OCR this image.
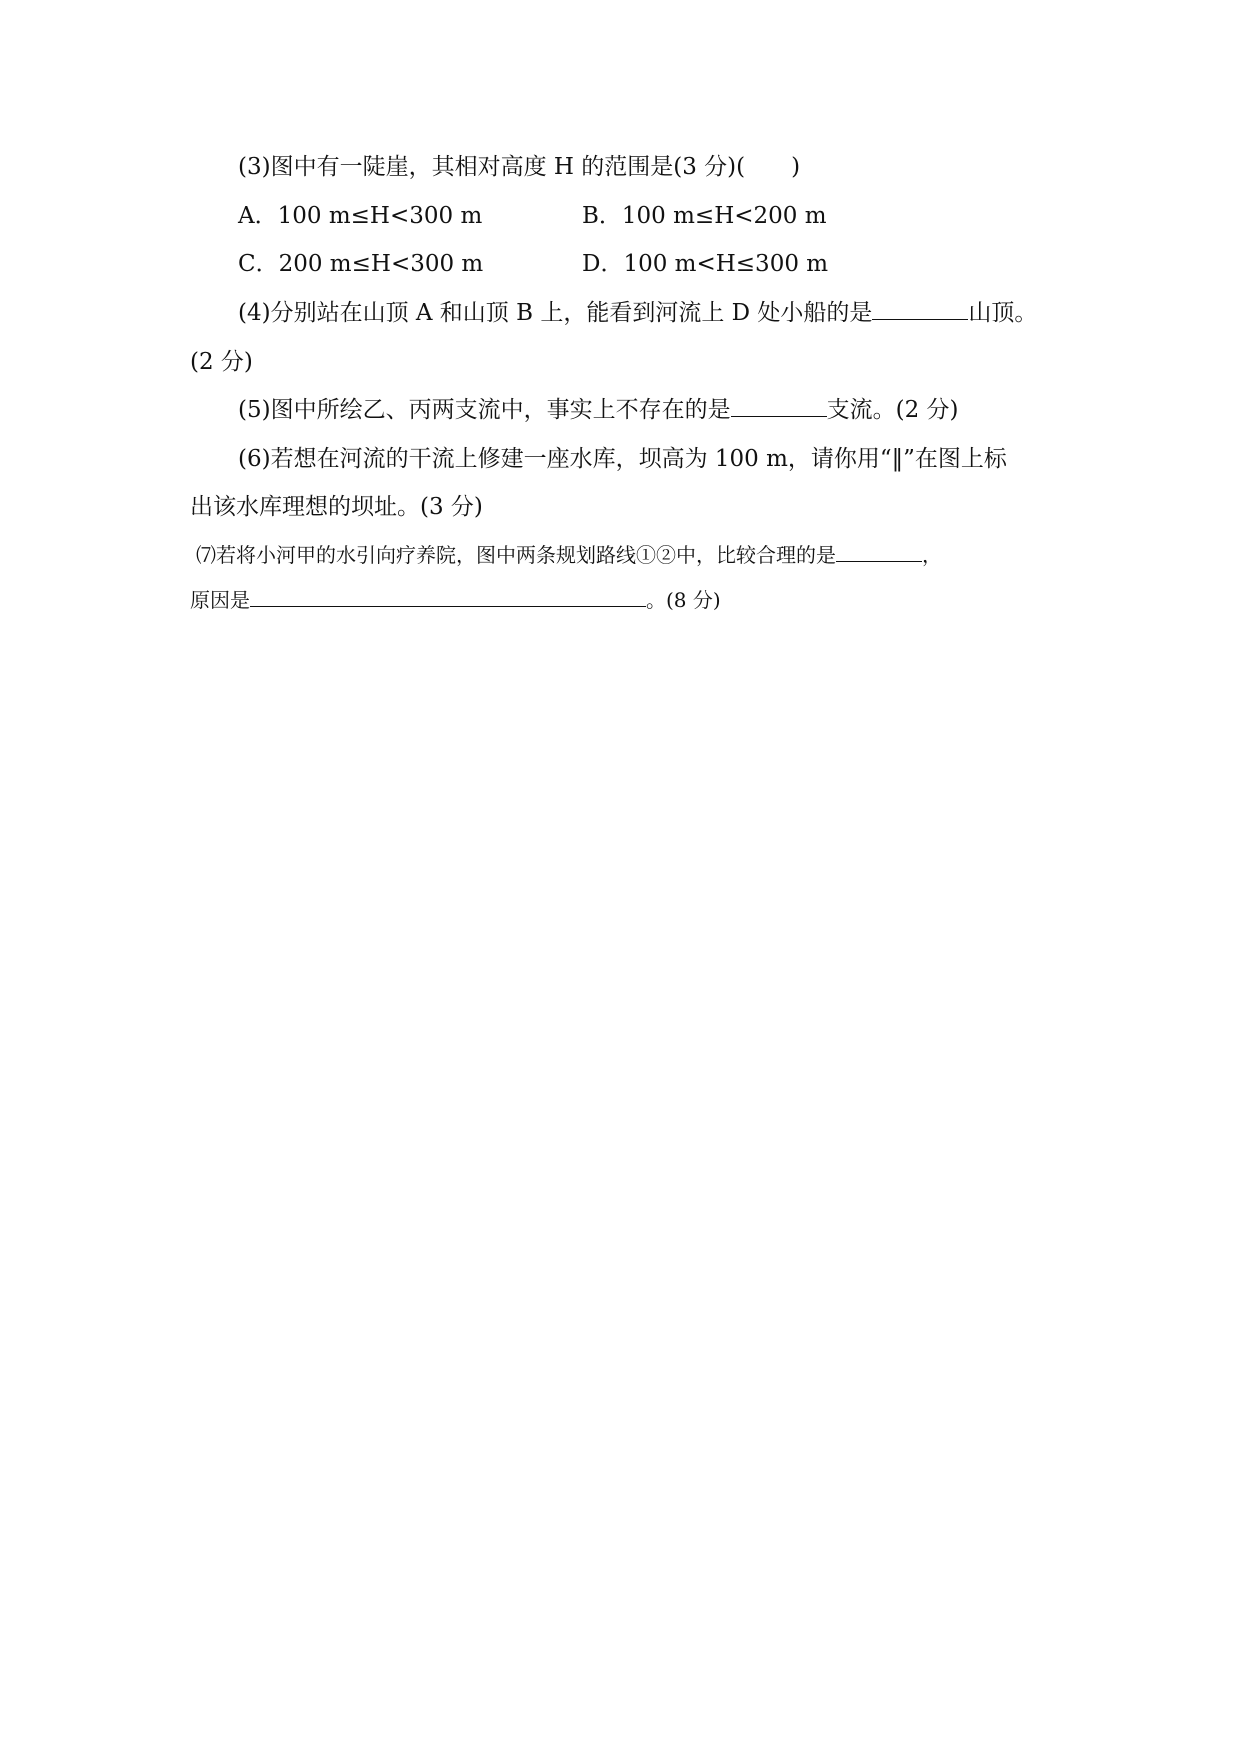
(3)图中有一陡崖，其相对高度 H 的范围是(3 分)(　　)
A．100 m≤H<300 m	B．100 m≤H<200 m
C．200 m≤H<300 m	D．100 m<H≤300 m
(4)分别站在山顶 A 和山顶 B 上，能看到河流上 D 处小船的是	山顶。
(2 分)
(5)图中所绘乙、丙两支流中，事实上不存在的是	支流。(2 分)
(6)若想在河流的干流上修建一座水库，坝高为 100 m，请你用“‖”在图上标
出该水库理想的坝址。(3 分)
⑺若将小河甲的水引向疗养院，图中两条规划路线①②中，比较合理的是	，
原因是	。(8 分)
